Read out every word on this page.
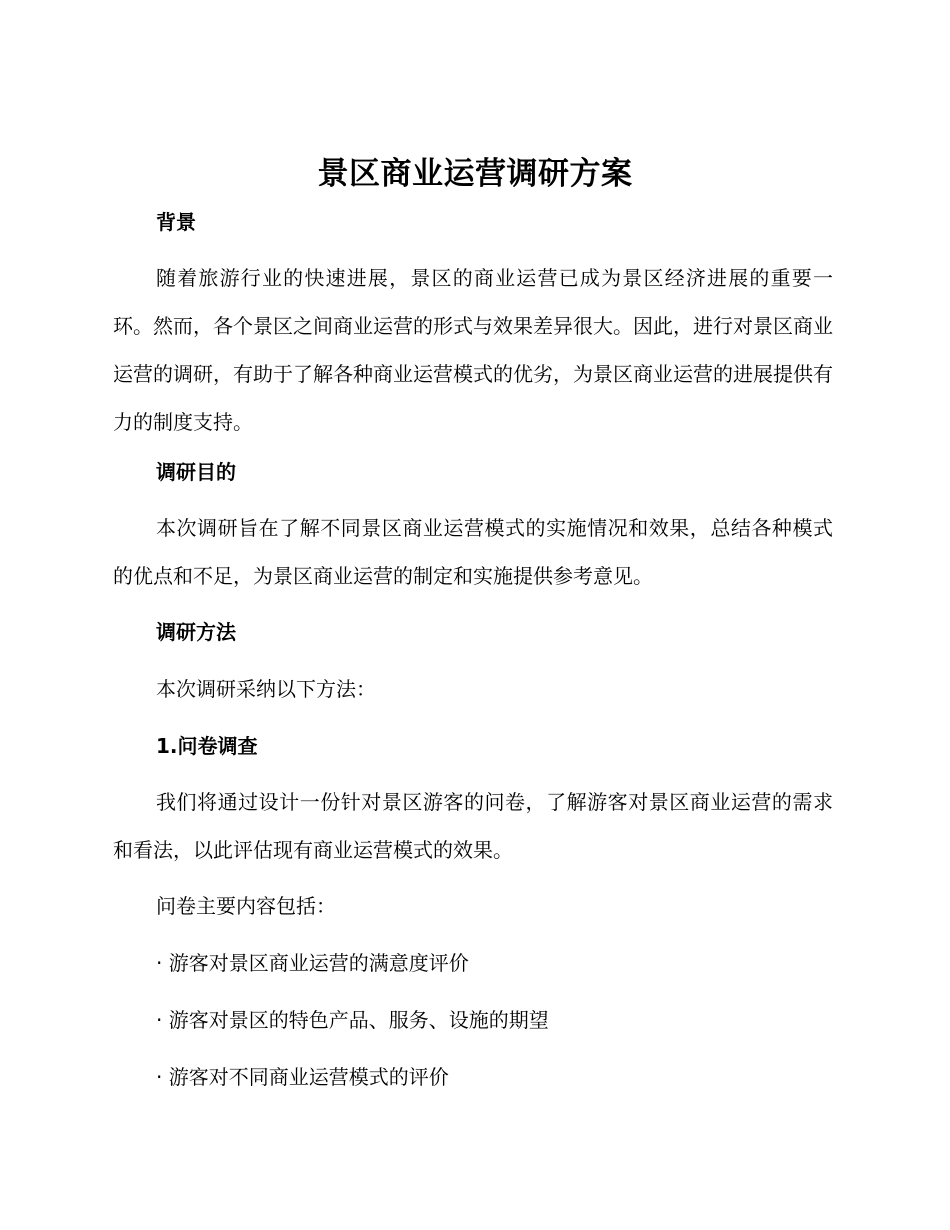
景区商业运营调研方案
背景

随着旅游行业的快速进展，景区的商业运营已成为景区经济进展的重要一环。然而，各个景区之间商业运营的形式与效果差异很大。因此，进行对景区商业运营的调研，有助于了解各种商业运营模式的优劣，为景区商业运营的进展提供有力的制度支持。

调研目的

本次调研旨在了解不同景区商业运营模式的实施情况和效果，总结各种模式的优点和不足，为景区商业运营的制定和实施提供参考意见。

调研方法
本次调研采纳以下方法：
1.问卷调查

我们将通过设计一份针对景区游客的问卷，了解游客对景区商业运营的需求和看法，以此评估现有商业运营模式的效果。

问卷主要内容包括：
· 游客对景区商业运营的满意度评价
· 游客对景区的特色产品、服务、设施的期望
· 游客对不同商业运营模式的评价
